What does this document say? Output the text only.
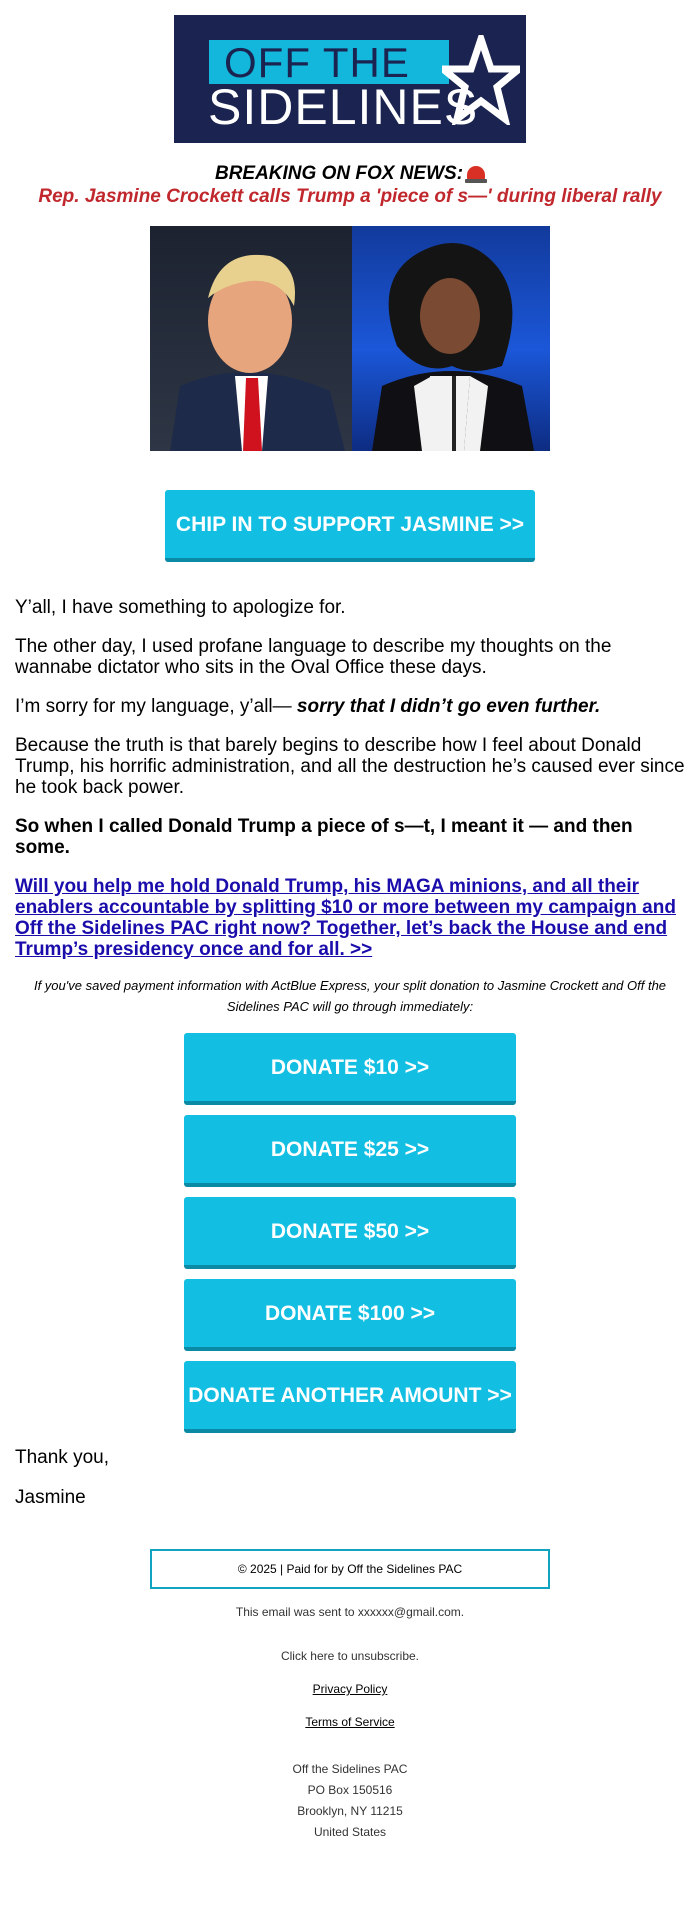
OFF THE
SIDELINES
BREAKING ON FOX NEWS:
Rep. Jasmine Crockett calls Trump a 'piece of s—' during liberal rally
CHIP IN TO SUPPORT JASMINE >>

Y’all, I have something to apologize for.

The other day, I used profane language to describe my thoughts on the wannabe dictator who sits in the Oval Office these days.

I’m sorry for my language, y’all— sorry that I didn’t go even further.

Because the truth is that barely begins to describe how I feel about Donald Trump, his horrific administration, and all the destruction he’s caused ever since he took back power.

So when I called Donald Trump a piece of s—t, I meant it — and then some.

Will you help me hold Donald Trump, his MAGA minions, and all their enablers accountable by splitting $10 or more between my campaign and Off the Sidelines PAC right now? Together, let’s back the House and end Trump’s presidency once and for all. >>

If you've saved payment information with ActBlue Express, your split donation to Jasmine Crockett and Off the Sidelines PAC will go through immediately:
DONATE $10 >>
DONATE $25 >>
DONATE $50 >>
DONATE $100 >>
DONATE ANOTHER AMOUNT >>

Thank you,

Jasmine

© 2025 | Paid for by Off the Sidelines PAC
This email was sent to xxxxxx@gmail.com.
Click here to unsubscribe.
Privacy Policy
Terms of Service
Off the Sidelines PAC
PO Box 150516
Brooklyn, NY 11215
United States
